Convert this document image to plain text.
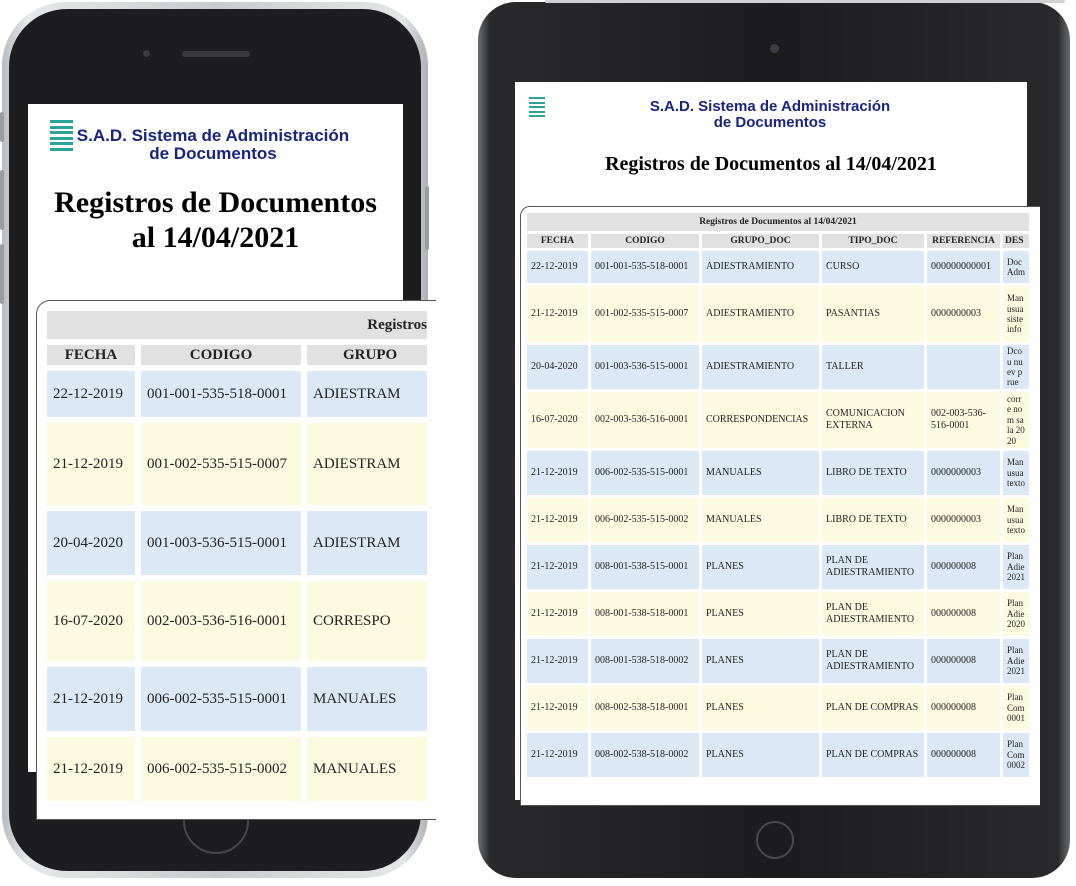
S.A.D. Sistema de Administración
de Documentos
Registros de Documentos
al 14/04/2021
Registros		
FECHA	CODIGO	GRUPO
22-12-2019	001-001-535-518-0001	ADIESTRAM
21-12-2019	001-002-535-515-0007	ADIESTRAM
20-04-2020	001-003-536-515-0001	ADIESTRAM
16-07-2020	002-003-536-516-0001	CORRESPO
21-12-2019	006-002-535-515-0001	MANUALES
21-12-2019	006-002-535-515-0002	MANUALES
S.A.D. Sistema de Administración
de Documentos
Registros de Documentos al 14/04/2021
Registros de Documentos al 14/04/2021					
FECHA	CODIGO	GRUPO_DOC	TIPO_DOC	REFERENCIA	DES
22-12-2019	001-001-535-518-0001	ADIESTRAMIENTO	CURSO	000000000001	Doc Adm
21-12-2019	001-002-535-515-0007	ADIESTRAMIENTO	PASANTIAS	0000000003	Man usua siste info
20-04-2020	001-003-536-515-0001	ADIESTRAMIENTO	TALLER		Dcou nuev prue
16-07-2020	002-003-536-516-0001	CORRESPONDENCIAS	COMUNICACION EXTERNA	002-003-536-516-0001	corre nom sala 2020
21-12-2019	006-002-535-515-0001	MANUALES	LIBRO DE TEXTO	0000000003	Man usua texto
21-12-2019	006-002-535-515-0002	MANUALES	LIBRO DE TEXTO	0000000003	Man usua texto
21-12-2019	008-001-538-515-0001	PLANES	PLAN DE ADIESTRAMIENTO	000000008	Plan Adie 2021
21-12-2019	008-001-538-518-0001	PLANES	PLAN DE ADIESTRAMIENTO	000000008	Plan Adie 2020
21-12-2019	008-001-538-518-0002	PLANES	PLAN DE ADIESTRAMIENTO	000000008	Plan Adie 2021
21-12-2019	008-002-538-518-0001	PLANES	PLAN DE COMPRAS	000000008	Plan Com 0001
21-12-2019	008-002-538-518-0002	PLANES	PLAN DE COMPRAS	000000008	Plan Com 0002
